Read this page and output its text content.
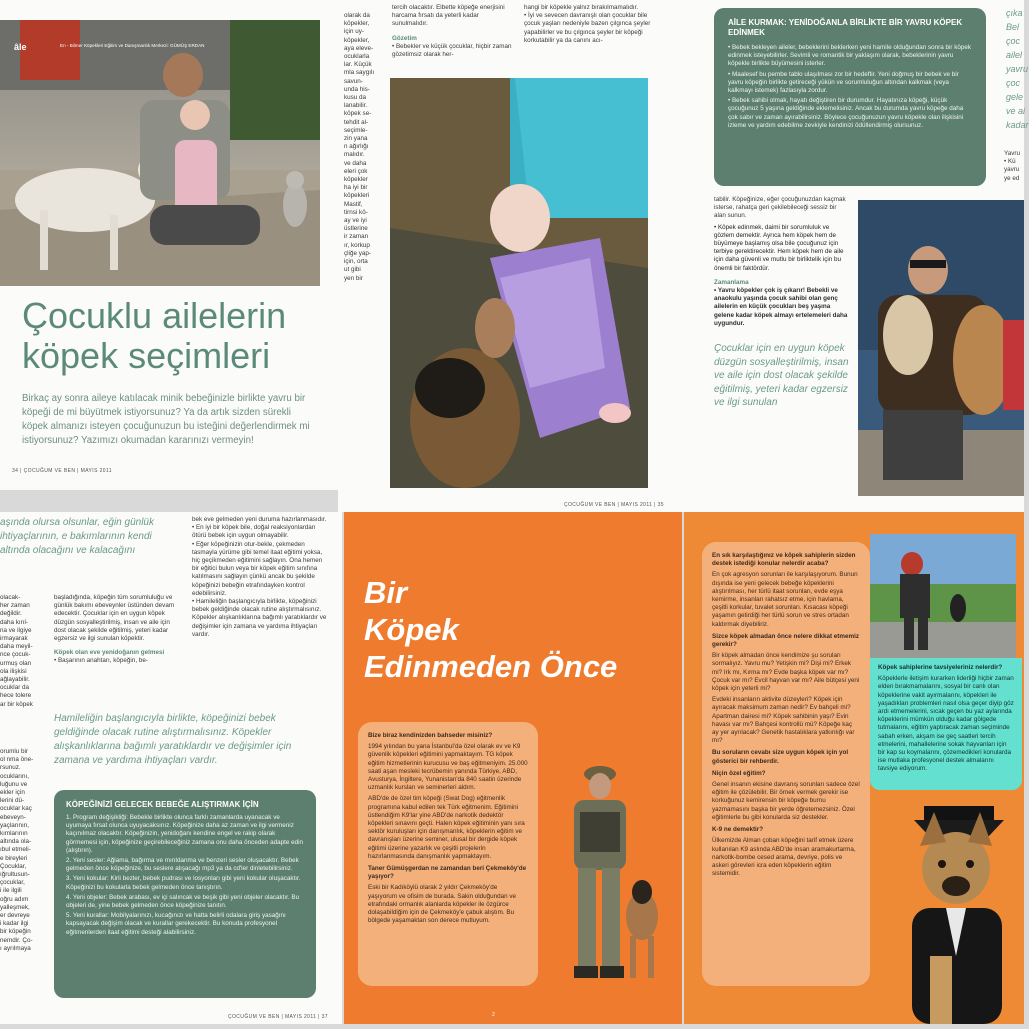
âle	En - Bilmer Köpekleri Eğitim ve Danışmanlık Merkezi: GÜMÜŞ ERDAN
Çocuklu ailelerin
köpek seçimleri
Birkaç ay sonra aileye katılacak minik bebeğinizle birlikte yavru bir köpeği de mi büyütmek istiyorsunuz? Ya da artık sizden sürekli köpek almanızı isteyen çocuğunuzun bu isteğini değerlendirmek mi istiyorsunuz? Yazımızı okumadan kararınızı vermeyin!
34 | ÇOCUĞUM VE BEN | MAYIS 2011
olarak da
köpekler,
için uy-
köpekler,
aya eleve-
ocuklarla
lar. Küçük
mla saygılı
savun-
unda his-
kusu da
lanabilir.
köpek se-
tehdit al-
seçimle-
zin yana
n ağırlığı
malıdır.
ve daha
eleri çok
köpekler
ha iyi bir
köpekleri
Mastif,
tirnsi kö-
ay ve iyi
üstlerine
ir zaman
ır, korkup
çliğe yap-
için, orta
ut gibi
yen bir
tercih olacaktır. Elbette köpeğe enerjisini harcama fırsatı da yeterli kadar sunulmalıdır.
Gözetim
• Bebekler ve küçük çocuklar, hiçbir zaman gözetimsiz olarak her-
hangi bir köpekle yalnız bırakılmamalıdır.
• İyi ve sevecen davranışlı olan çocuklar bile çocuk yaşları nedeniyle bazen çılgınca şeyler yapabilirler ve bu çılgınca şeyler bir köpeği korkutabilir ya da canını acı-
ÇOCUĞUM VE BEN | MAYIS 2011 | 35
AİLE KURMAK: YENİDOĞANLA BİRLİKTE BİR YAVRU KÖPEK EDİNMEK
• Bebek bekleyen aileler, bebeklerini beklerken yeni hamile olduğundan sonra bir köpek edinmek isteyebilirler. Sevimli ve romantik bir yaklaşım olarak, bebeklerinin yavru köpekle birlikte büyümesini isterler.
• Maalesef bu pembe tablo ulaşılması zor bir hedeftir. Yeni doğmuş bir bebek ve bir yavru köpeğin birlikte getireceği yükün ve sorumluluğun altından kalkmak (veya kalkmayı istemek) fazlasıyla zordur.
• Bebek sahibi olmak, hayatı değiştiren bir durumdur. Hayatınıza köpeği, küçük çocuğunuz 5 yaşına geldiğinde eklemelisiniz. Ancak bu durumda yavru köpeğe daha çok sabır ve zaman ayırabilirsiniz. Böylece çocuğunuzun yavru köpekle olan ilişkisini izleme ve yardım edebilme zevkiyle kendinizi ödüllendirmiş olursunuz.
çıka
Bel
çoc
ailel
yavru
çoc
gele
ve ai
kadar
Yavru
• Kü
yavru
ye ed
tabilir. Köpeğinize, eğer çocuğunuzdan kaçmak isterse, rahatça geri çekilebileceği sessiz bir alan sunun.
• Köpek edinmek, daimi bir sorumluluk ve gözlem demektir. Ayrıca hem köpek hem de büyümeye başlamış olsa bile çocuğunuz için terbiye gerektirecektir. Hem köpek hem de aile için daha güvenli ve mutlu bir birliktelik için bu önemli bir faktördür.
Zamanlama
• Yavru köpekler çok iş çıkarır! Bebekli ve anaokulu yaşında çocuk sahibi olan genç ailelerin en küçük çocukları beş yaşına gelene kadar köpek almayı ertelemeleri daha uygundur.
Çocuklar için en uygun köpek düzgün sosyalleştirilmiş, insan ve aile için dost olacak şekilde eğitilmiş, yeteri kadar egzersiz ve ilgi sunulan
aşında olursa olsunlar, eğin günlük ihtiyaçlarının, e bakımlarının kendi altında olacağını ve kalacağını
olacak-
her zaman
değildir.
daha kırıl-
na ve ilgiye
irmayarak
daha meyil-
nce çocuk-
urmuş olan
ola ilişkisi
ağlayabilir.
ocuklar da
hece tolere
ar bir köpek
başladığında, köpeğin tüm sorumluluğu ve günlük bakımı ebeveynler üstünden devam edecektir. Çocuklar için en uygun köpek düzgün sosyalleştirilmiş, insan ve aile için dost olacak şekilde eğitilmiş, yeteri kadar egzersiz ve ilgi sunulan köpektir.
Köpek olan eve yenidoğanın gelmesi
• Başarının anahtarı, köpeğin, be-
bek eve gelmeden yeni duruma hazırlanmasıdır.
• En iyi bir köpek bile, doğal reaksiyonlardan ötürü bebek için uygun olmayabilir.
• Eğer köpeğinizin otur-bekle, çekmeden tasmayla yürüme gibi temel itaat eğitimi yoksa, hiç geçikmeden eğitimini sağlayın. Ona hemen bir eğitici bulun veya bir köpek eğitim sınıfına katılmasını sağlayın çünkü ancak bu şekilde köpeğinizi bebeğin etrafındayken kontrol edebilirsiniz.
• Hamileliğin başlangıcıyla birlikte, köpeğinizi bebek geldiğinde olacak rutine alıştırmalısınız. Köpekler alışkanlıklarına bağımlı yaratıklardır ve değişimler için zamana ve yardıma ihtiyaçları vardır.
Hamileliğin başlangıcıyla birlikte, köpeğinizi bebek geldiğinde olacak rutine alıştırmalısınız. Köpekler alışkanlıklarına bağımlı yaratıklardır ve değişimler için zamana ve yardıma ihtiyaçları vardır.
orumlu bir
ol nma öne-
rsunuz.
ocuklarını,
luğunu ve
ekler için
lerini dü-
ocuklar kaç
ebeveyn-
yaçlarının,
kımlarının
altında ola-
ıbul etmeli-
e bireyleri
Çocuklar,
ığrultusun-
çocuklar,
i ile ilgili
oğru adım
yalleşmek,
er devreye
i kadar ilgi
bir köpeğin
nemdir. Ço-
ı ayrılmaya
KÖPEĞİNİZİ GELECEK BEBEĞE ALIŞTIRMAK İÇİN
1. Program değişikliği: Bebekle birlikte olunca farklı zamanlarda uyanacak ve uyumaya fırsat olunca uyuyacaksınız. Köpeğinize daha az zaman ve ilgi vermeniz kaçınılmaz olacaktır. Köpeğinizin, yenidoğanı kendine engel ve rakip olarak görmemesi için, köpeğinize geçirebileceğiniz zamana onu daha önceden adapte edin (alıştırın).
2. Yeni sesler: Ağlama, bağırma ve mırıldanma ve benzeri sesler oluşacaktır. Bebek gelmeden önce köpeğinize, bu seslere alışacağı mp3 ya da cd'ler dinletebilirsiniz.
3. Yeni kokular: Kirli bezler, bebek pudrası ve losyonları gibi yeni kokular oluşacaktır. Köpeğinizi bu kokularla bebek gelmeden önce tanıştırın.
4. Yeni objeler: Bebek arabası, ev içi salıncak ve beşik gibi yeni objeler olacaktır. Bu objeleri de, yine bebek gelmeden önce köpeğinize tanıtın.
5. Yeni kurallar: Mobilyalarınızı, kucağınızı ve hatta belirli odalara giriş yasağını kapsayacak değişim olacak ve kurallar gerekecektir. Bu konuda profesyonel eğitmenlerden itaat eğitimi desteği alabilirsiniz.
ÇOCUĞUM VE BEN | MAYIS 2011 | 37
Bir
Köpek
Edinmeden Önce
Bize biraz kendinizden bahseder misiniz?
1994 yılından bu yana İstanbul'da özel olarak ev ve K9 güvenlik köpekleri eğitimini yapmaktayım. TG köpek eğitim hizmetlerinin kurucusu ve baş eğitmeniyim. 25.000 saati aşan mesleki tecrübemin yanında Türkiye, ABD, Avusturya, İngiltere, Yunanistan'da 840 saatin üzerinde uzmanlık kursları ve seminerleri aldım.
ABD'de de özel tim köpeği (Swat Dog) eğitmenlik programına kabul edilen tek Türk eğitmenim. Eğitimini üstlendiğim K9'lar yine ABD'de narkotik dedektör köpekleri sınavını geçti. Halen köpek eğitiminin yanı sıra sektör kuruluşları için danışmanlık, köpeklerin eğitim ve davranışları üzerine seminer, ulusal bir dergide köpek eğitimi üzerine yazarlık ve çeşitli projelerin hazırlanmasında danışmanlık yapmaktayım.
Taner Gümüşgerdan ne zamandan beri Çekmeköy'de yaşıyor?
Eski bir Kadıköylü olarak 2 yıldır Çekmeköy'de yaşıyorum ve ofisim de burada. Sakin olduğundan ve etrafındaki ormanlık alanlarda köpekler ile özgürce dolaşabildiğim için de Çekmeköy'e çabuk alıştım. Bu bölgede yaşamaktan son derece mutluyum.
2
En sık karşılaştığınız ve köpek sahiplerin sizden destek istediği konular nelerdir acaba?
En çok agresyon sorunları ile karşılaşıyorum. Bunun dışında ise yeni gelecek bebeğe köpeklerini alıştırılması, her türlü itaat sorunları, evde eşya kemirme, insanları rahatsız etme, için havlama, çeşitli korkular, tuvalet sorunları. Kısacası köpeği yaşamın getirdiği her türlü sorun ve stres ortadan kaldırmak diyebiliriz.
Sizce köpek almadan önce nelere dikkat etmemiz gerekir?
Bir köpek almadan önce kendimize şu soruları sormalıyız. Yavru mu? Yetişkin mi? Dişi mi? Erkek mi? Irk mı, Kırma mı? Evde başka köpek var mı? Çocuk var mı? Evcil hayvan var mı? Aile bütçesi yeni köpek için yeterli mi?
Evdeki insanların aktivite düzeyleri? Köpek için ayıracak maksimum zaman nedir? Ev bahçeli mi? Apartman dairesi mi? Köpek sahibinin yaşı? Evin havası var mı? Bahçesi kontrollü mü? Köpeğe kaç ay yer ayrılacak? Genetik hastalıklara yatkınlığı var mı?
Bu soruların cevabı size uygun köpek için yol gösterici bir rehberdir.
Niçin özel eğitim?
Genel insanın ekisine davranış sorunları sadece özel eğitim ile çözülebilir. Bir örnek vermek gerekir ise korkuğunuz kemirensin bir köpeğe burnu yazmamasını başka bir yerde öğretemezsiniz. Özel eğitimlerle bu gibi konularda siz destekler.
K-9 ne demektir?
Ülkemizde Alman çoban köpeğini tarif etmek üzere kullanılan K9 aslında ABD'de insan aramakurtarma, narkotik-bombe cesed arama, devriye, polis ve askeri görevleri icra eden köpeklerin eğitim sistemidir.
Köpek sahiplerine tavsiyeleriniz nelerdir?
Köpeklerle iletişim kurarken liderliği hiçbir zaman elden bırakmamalarını, sosyal bir canlı olan köpeklerine vakit ayırmalarını, köpekleri ile yaşadıkları problemleri nasıl olsa geçer diyip göz ardı etmemelerini, sıcak geçen bu yaz aylarında köpeklerini mümkün olduğu kadar gölgede tutmalarını, eğitim yaptıracak zaman seçiminde sabah erken, akşam ise geç saatleri tercih etmelerini, mahallelerine sokak hayvanları için bir kap su koymalarını, çözemedikleri konularda ise mutlaka profesyonel destek almalarını tavsiye ediyorum.
